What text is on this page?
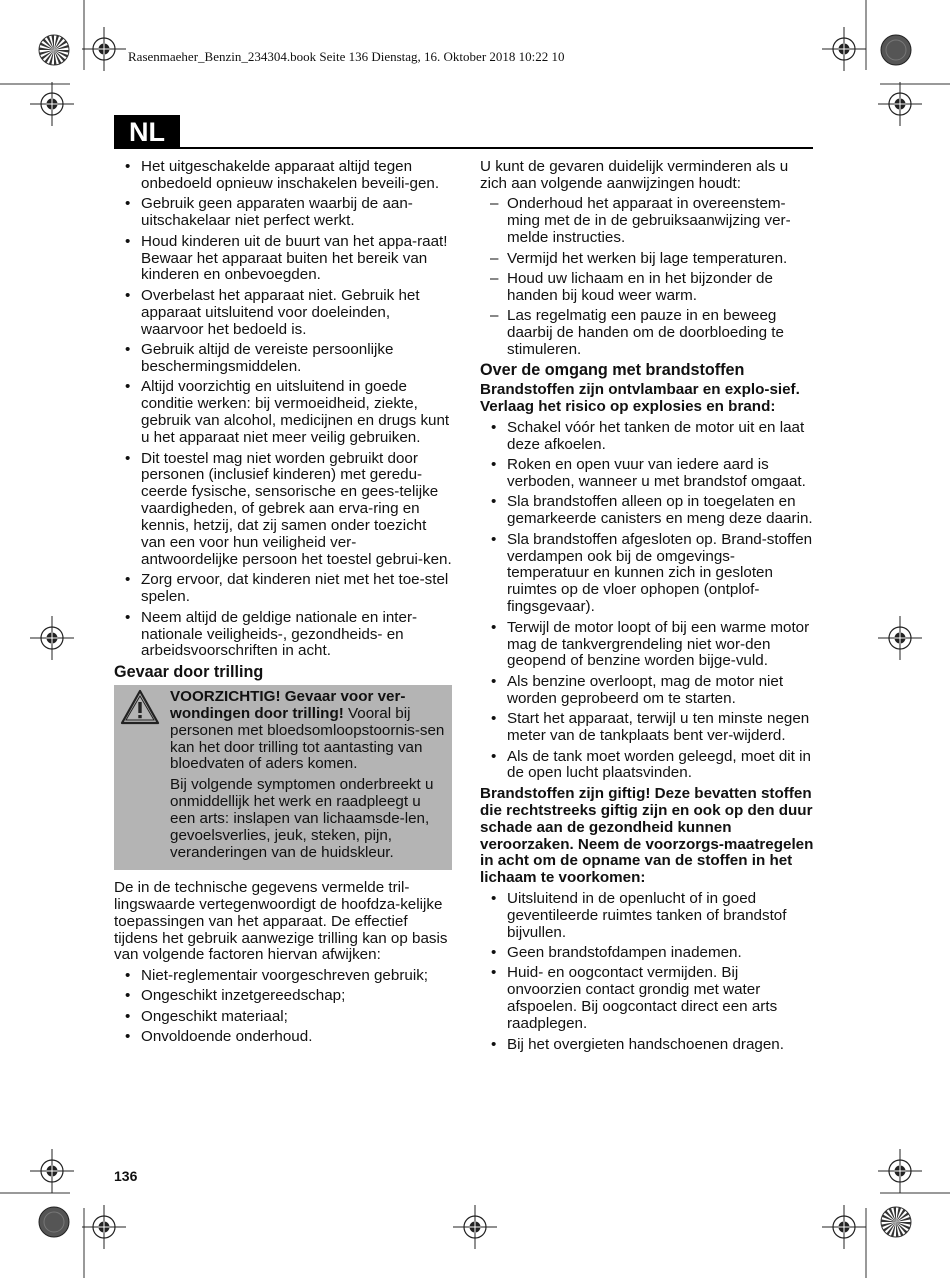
Rasenmaeher_Benzin_234304.book Seite 136 Dienstag, 16. Oktober 2018 10:22 10
NL
• Het uitgeschakelde apparaat altijd tegen onbedoeld opnieuw inschakelen beveili-gen.
• Gebruik geen apparaten waarbij de aan-uitschakelaar niet perfect werkt.
• Houd kinderen uit de buurt van het appa-raat! Bewaar het apparaat buiten het bereik van kinderen en onbevoegden.
• Overbelast het apparaat niet. Gebruik het apparaat uitsluitend voor doeleinden, waarvoor het bedoeld is.
• Gebruik altijd de vereiste persoonlijke beschermingsmiddelen.
• Altijd voorzichtig en uitsluitend in goede conditie werken: bij vermoeidheid, ziekte, gebruik van alcohol, medicijnen en drugs kunt u het apparaat niet meer veilig gebruiken.
• Dit toestel mag niet worden gebruikt door personen (inclusief kinderen) met geredu-ceerde fysische, sensorische en gees-telijke vaardigheden, of gebrek aan erva-ring en kennis, hetzij, dat zij samen onder toezicht van een voor hun veiligheid ver-antwoordelijke persoon het toestel gebrui-ken.
• Zorg ervoor, dat kinderen niet met het toe-stel spelen.
• Neem altijd de geldige nationale en inter-nationale veiligheids-, gezondheids- en arbeidsvoorschriften in acht.
Gevaar door trilling

VOORZICHTIG! Gevaar voor ver-wondingen door trilling! Vooral bij personen met bloedsomloopstoornis-sen kan het door trilling tot aantasting van bloedvaten of aders komen.

Bij volgende symptomen onderbreekt u onmiddellijk het werk en raadpleegt u een arts: inslapen van lichaamsde-len, gevoelsverlies, jeuk, steken, pijn, veranderingen van de huidskleur.

De in de technische gegevens vermelde tril-lingswaarde vertegenwoordigt de hoofdza-kelijke toepassingen van het apparaat. De effectief tijdens het gebruik aanwezige trilling kan op basis van volgende factoren hiervan afwijken:

• Niet-reglementair voorgeschreven gebruik;
• Ongeschikt inzetgereedschap;
• Ongeschikt materiaal;
• Onvoldoende onderhoud.

U kunt de gevaren duidelijk verminderen als u zich aan volgende aanwijzingen houdt:

– Onderhoud het apparaat in overeenstem-ming met de in de gebruiksaanwijzing ver-melde instructies.
– Vermijd het werken bij lage temperaturen.
– Houd uw lichaam en in het bijzonder de handen bij koud weer warm.
– Las regelmatig een pauze in en beweeg daarbij de handen om de doorbloeding te stimuleren.
Over de omgang met brandstoffen

Brandstoffen zijn ontvlambaar en explo-sief. Verlaag het risico op explosies en brand:

• Schakel vóór het tanken de motor uit en laat deze afkoelen.
• Roken en open vuur van iedere aard is verboden, wanneer u met brandstof omgaat.
• Sla brandstoffen alleen op in toegelaten en gemarkeerde canisters en meng deze daarin.
• Sla brandstoffen afgesloten op. Brand-stoffen verdampen ook bij de omgevings-temperatuur en kunnen zich in gesloten ruimtes op de vloer ophopen (ontplof-fingsgevaar).
• Terwijl de motor loopt of bij een warme motor mag de tankvergrendeling niet wor-den geopend of benzine worden bijge-vuld.
• Als benzine overloopt, mag de motor niet worden geprobeerd om te starten.
• Start het apparaat, terwijl u ten minste negen meter van de tankplaats bent ver-wijderd.
• Als de tank moet worden geleegd, moet dit in de open lucht plaatsvinden.

Brandstoffen zijn giftig! Deze bevatten stoffen die rechtstreeks giftig zijn en ook op den duur schade aan de gezondheid kunnen veroorzaken. Neem de voorzorgs-maatregelen in acht om de opname van de stoffen in het lichaam te voorkomen:

• Uitsluitend in de openlucht of in goed geventileerde ruimtes tanken of brandstof bijvullen.
• Geen brandstofdampen inademen.
• Huid- en oogcontact vermijden. Bij onvoorzien contact grondig met water afspoelen. Bij oogcontact direct een arts raadplegen.
• Bij het overgieten handschoenen dragen.
136
